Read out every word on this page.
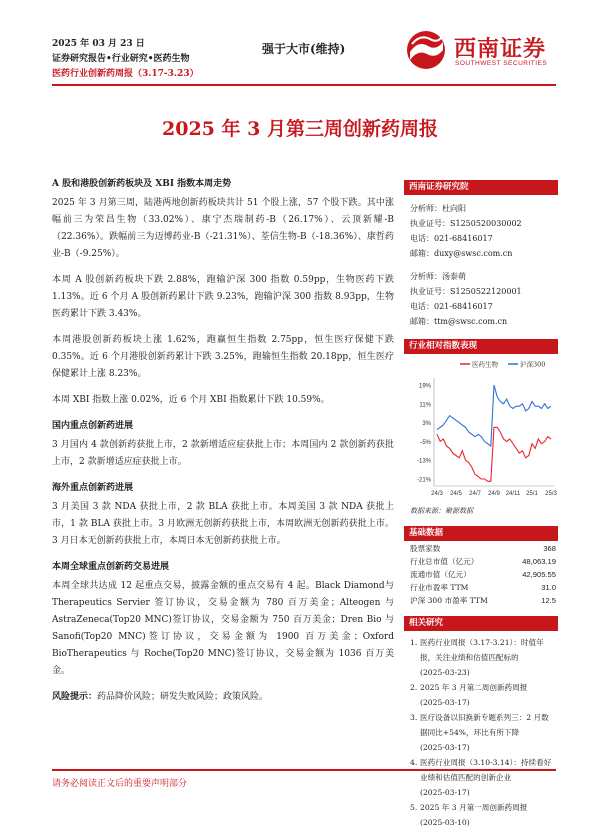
2025 年 03 月 23 日
证券研究报告•行业研究•医药生物
医药行业创新药周报（3.17-3.23）
强于大市(维持)	西南证券
SOUTHWEST SECURITIES
2025 年 3 月第三周创新药周报
A 股和港股创新药板块及 XBI 指数本周走势

2025 年 3 月第三周，陆港两地创新药板块共计 51 个股上涨，57 个股下跌。其中涨幅前三为荣昌生物（33.02%）、康宁杰瑞制药-B（26.17%）、云顶新耀-B（22.36%）。跌幅前三为迈博药业-B（-21.31%）、荃信生物-B（-18.36%）、康哲药业-B（-9.25%）。

本周 A 股创新药板块下跌 2.88%，跑输沪深 300 指数 0.59pp，生物医药下跌 1.13%。近 6 个月 A 股创新药累计下跌 9.23%，跑输沪深 300 指数 8.93pp，生物医药累计下跌 3.43%。

本周港股创新药板块上涨 1.62%，跑赢恒生指数 2.75pp，恒生医疗保健下跌 0.35%。近 6 个月港股创新药累计下跌 3.25%，跑输恒生指数 20.18pp，恒生医疗保健累计上涨 8.23%。

本周 XBI 指数上涨 0.02%，近 6 个月 XBI 指数累计下跌 10.59%。

国内重点创新药进展

3 月国内 4 款创新药获批上市，2 款新增适应症获批上市；本周国内 2 款创新药获批上市，2 款新增适应症获批上市。

海外重点创新药进展

3 月美国 3 款 NDA 获批上市，2 款 BLA 获批上市。本周美国 3 款 NDA 获批上市，1 款 BLA 获批上市。3 月欧洲无创新药获批上市，本周欧洲无创新药获批上市。3 月日本无创新药获批上市，本周日本无创新药获批上市。

本周全球重点创新药交易进展

本周全球共达成 12 起重点交易，披露金额的重点交易有 4 起。Black Diamond与 Therapeutics Servier 签订协议，交易金额为 780 百万美金；Alteogen 与 AstraZeneca(Top20 MNC)签订协议，交易金额为 750 百万美金；Dren Bio 与 Sanofi(Top20 MNC)签订协议，交易金额为 1900 百万美金；Oxford BioTherapeutics 与 Roche(Top20 MNC)签订协议，交易金额为 1036 百万美金。

风险提示：药品降价风险；研发失败风险；政策风险。

西南证券研究院
分析师：杜向阳
执业证号：S1250520030002
电话：021-68416017
邮箱：duxy@swsc.com.cn
分析师：汤泰萌
执业证号：S1250522120001
电话：021-68416017
邮箱：ttm@swsc.com.cn
行业相对指数表现
-21%
-13%
-5%
3%
11%
19%
24/3 24/5 24/7 24/9 24/11 25/1 25/3
医药生物	沪深300
数据来源：聚源数据
基础数据
股票家数	368
行业总市值（亿元）	48,063.19
流通市值（亿元）	42,905.55
行业市盈率 TTM	31.0
沪深 300 市盈率 TTM	12.5
相关研究
1. 医药行业周报（3.17-3.21）：时值年报，关注业绩和估值匹配标的
(2025-03-23)
2. 2025 年 3 月第二周创新药周报
(2025-03-17)
3. 医疗设备以旧换新专题系列三：2 月数据同比+54%，环比有所下降
(2025-03-17)
4. 医药行业周报（3.10-3.14）：持续看好业绩和估值匹配的创新企业
(2025-03-17)
5. 2025 年 3 月第一周创新药周报
(2025-03-10)
请务必阅读正文后的重要声明部分
